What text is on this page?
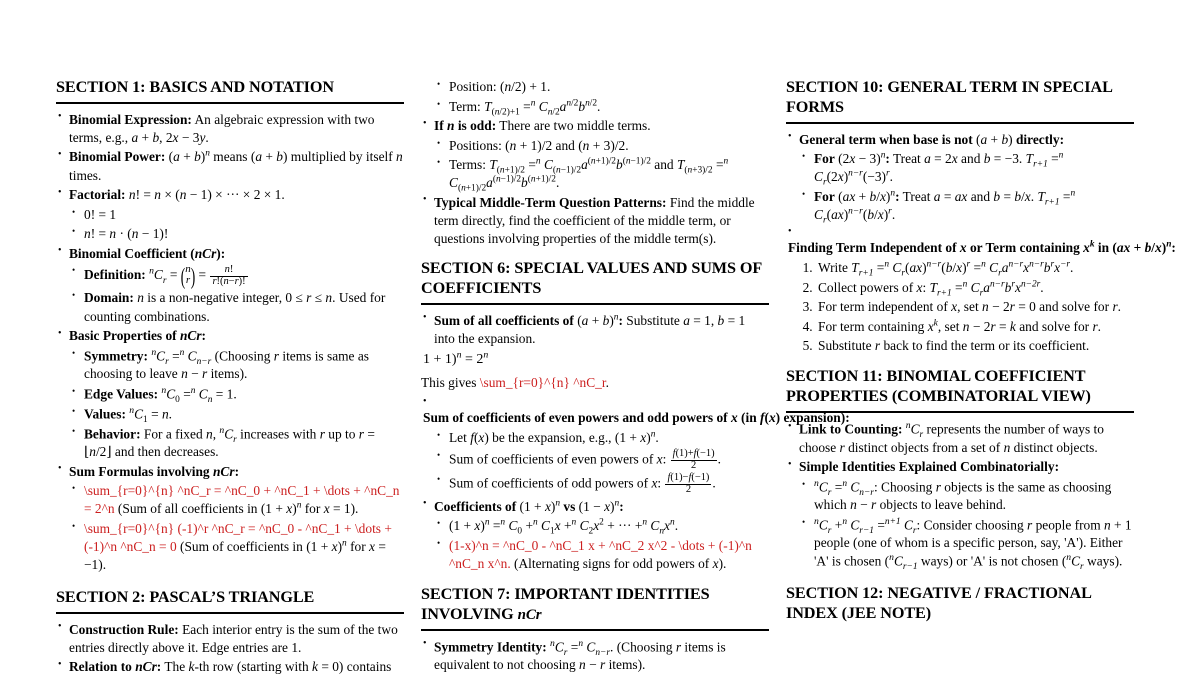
SECTION 1: BASICS AND NOTATION
• Binomial Expression: An algebraic expression with two terms, e.g., a + b, 2x − 3y.
• Binomial Power: $(a + b)^n$ means (a + b) multiplied by itself n times.
• Factorial: n! = n × (n − 1) × ··· × 2 × 1.
• 0! = 1
• n! = n · (n − 1)!
• Binomial Coefficient (nCr):
• Definition: $^nC_r$ = ( n
r ) = $\frac{n!}{r!(n-r)!}$
• Domain: n is a non-negative integer, 0 ≤ r ≤ n. Used for counting combinations.
• Basic Properties of nCr:
• Symmetry: $^nC_r =^n$ $C_{n-r}$ (Choosing r items is same as choosing to leave n − r items).
• Edge Values: $^nC_0 =^n$ $C_n = 1$.
• Values: $^nC_1 = n$.
• Behavior: For a fixed n, $^nC_r$ increases with r up to r = ⌊n/2⌋ and then decreases.
• Sum Formulas involving nCr:
• \sum_{r=0}^{n} ^nC_r = ^nC_0 + ^nC_1 + \dots + ^nC_n = 2^n (Sum of all coefficients in $(1 + x)^n$ for x = 1).
• \sum_{r=0}^{n} (-1)^r ^nC_r = ^nC_0 - ^nC_1 + \dots + (-1)^n ^nC_n = 0 (Sum of coefficients in $(1 + x)^n$ for x = −1).
SECTION 2: PASCAL’S TRIANGLE
• Construction Rule: Each interior entry is the sum of the two entries directly above it. Edge entries are 1.
• Relation to nCr: The k-th row (starting with k = 0) contains
• Position: (n/2) + 1.
• Term: $T_{(n/2)+1} =^n$ $C_{n/2}a^{n/2}b^{n/2}$.
• If n is odd: There are two middle terms.
• Positions: (n + 1)/2 and (n + 3)/2.
• Terms: $T_{(n+1)/2} =^n$ $C_{(n-1)/2}a^{(n+1)/2}b^{(n-1)/2}$ and $T_{(n+3)/2} =^n$ $C_{(n+1)/2}a^{(n-1)/2}b^{(n+1)/2}$.
• Typical Middle-Term Question Patterns: Find the middle term directly, find the coefficient of the middle term, or questions involving properties of the middle term(s).
SECTION 6: SPECIAL VALUES AND SUMS OF COEFFICIENTS
• Sum of all coefficients of $(a + b)^n$: Substitute a = 1, b = 1 into the expansion.
$1 + 1)^n = 2^n$
This gives \sum_{r=0}^{n} ^nC_r.
•
Sum of coefficients of even powers and odd powers of x (in f(x) expansion):
• Let f(x) be the expansion, e.g., $(1 + x)^n$.
• Sum of coefficients of even powers of x: $\frac{f(1)+f(-1)}{2}$ .
• Sum of coefficients of odd powers of x: $\frac{f(1)-f(-1)}{2}$ .
• Coefficients of $(1 + x)^n$ vs $(1 - x)^n$:
• $(1 + x)^n =^n$ $C_0 +^n$ $C_1x +^n$ $C_2x^2$ + ··· +$^n$ $C_nx^n$.
• (1-x)^n = ^nC_0 - ^nC_1 x + ^nC_2 x^2 - \dots + (-1)^n ^nC_n x^n. (Alternating signs for odd powers of x).
SECTION 7: IMPORTANT IDENTITIES INVOLVING nCr
• Symmetry Identity: $^nC_r =^n$ $C_{n-r}$. (Choosing r items is equivalent to not choosing n − r items).
SECTION 10: GENERAL TERM IN SPECIAL FORMS
• General term when base is not (a + b) directly:
• For $(2x - 3)^n$: Treat a = 2x and b = −3. $T_{r+1} =^n$ $C_r(2x)^{n-r}(-3)^r$.
• For (ax + b/x)$^n$: Treat a = ax and b = b/x. $T_{r+1} =^n$ $C_r(ax)^{n-r}(b/x)^r$.
•
Finding Term Independent of x or Term containing $x^k$ in (ax + b/x)$^n$:
1. Write $T_{r+1} =^n$ $C_r(ax)^{n-r}(b/x)^r =^n$ $C_ra^{n-r}x^{n-r}b^rx^{-r}$.
2. Collect powers of x: $T_{r+1} =^n$ $C_ra^{n-r}b^rx^{n-2r}$.
3. For term independent of x, set n − 2r = 0 and solve for r.
4. For term containing $x^k$, set n − 2r = k and solve for r.
5. Substitute r back to find the term or its coefficient.
SECTION 11: BINOMIAL COEFFICIENT PROPERTIES (COMBINATORIAL VIEW)
• Link to Counting: $^nC_r$ represents the number of ways to choose r distinct objects from a set of n distinct objects.
• Simple Identities Explained Combinatorially:
• $^nC_r =^n$ $C_{n-r}$: Choosing r objects is the same as choosing which n − r objects to leave behind.
• $^nC_r +^n$ $C_{r-1} =^{n+1}$ $C_r$: Consider choosing r people from n + 1 people (one of whom is a specific person, say, 'A'). Either 'A' is chosen ($^nC_{r-1}$ ways) or 'A' is not chosen ($^nC_r$ ways).
SECTION 12: NEGATIVE / FRACTIONAL INDEX (JEE NOTE)
